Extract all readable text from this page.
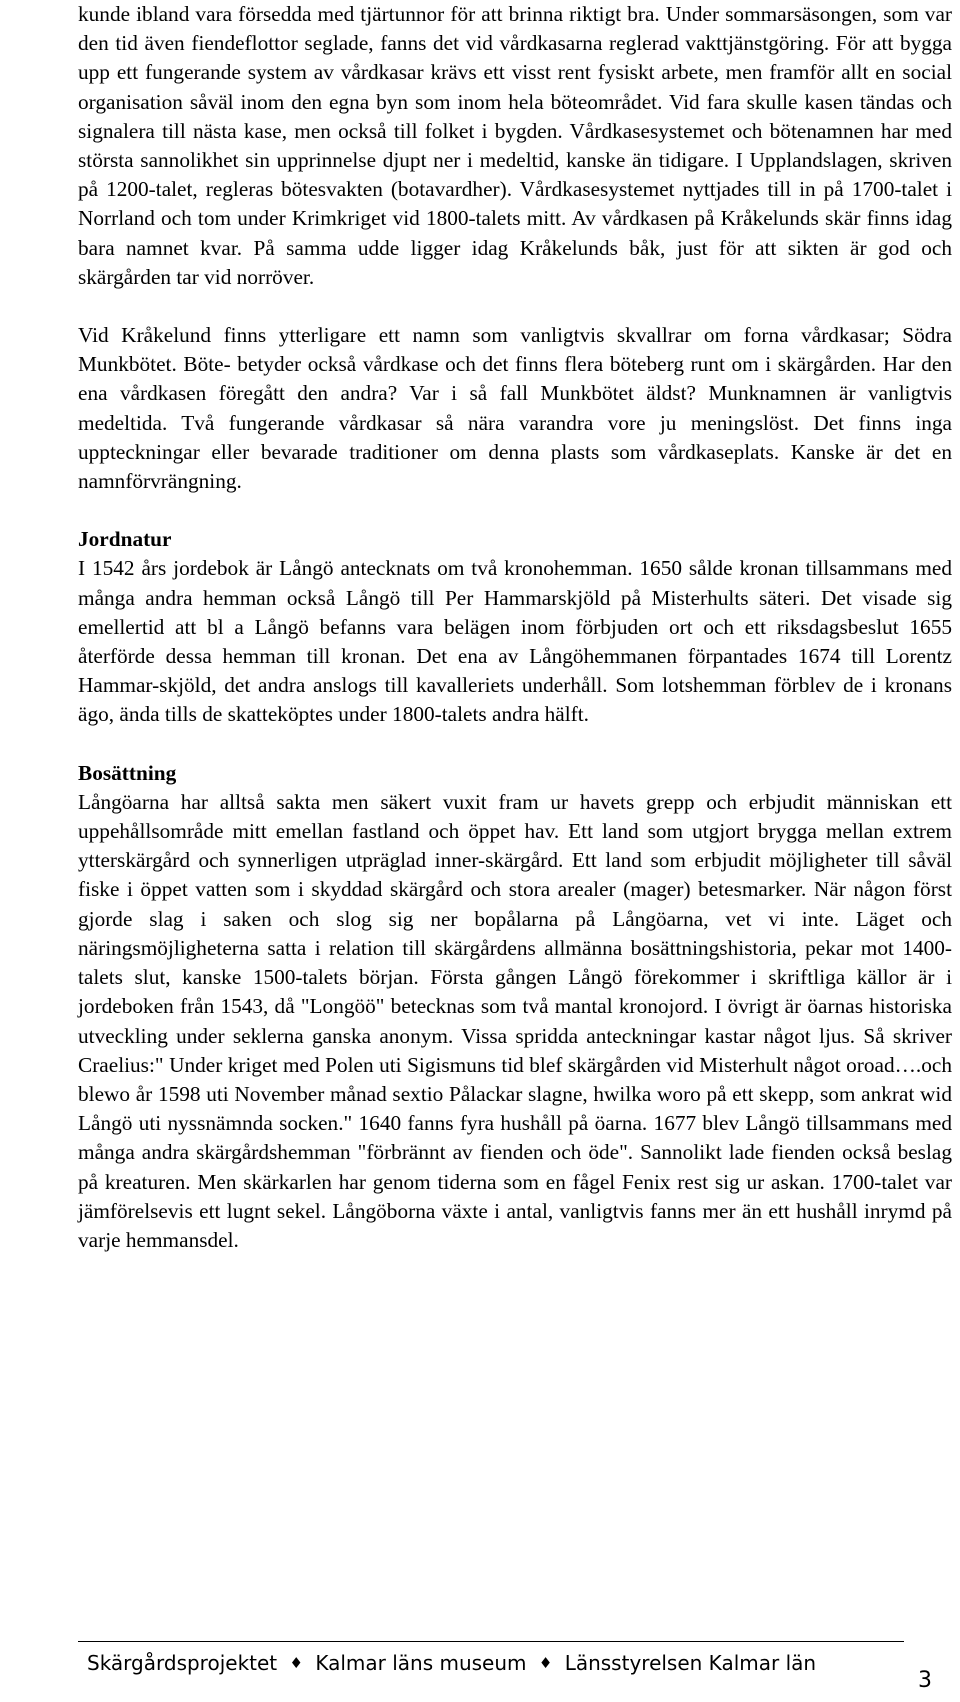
kunde ibland vara försedda med tjärtunnor för att brinna riktigt bra. Under sommarsäsongen, som var den tid även fiendeflottor seglade, fanns det vid vårdkasarna reglerad vakttjänstgöring. För att bygga upp ett fungerande system av vårdkasar krävs ett visst rent fysiskt arbete, men framför allt en social organisation såväl inom den egna byn som inom hela böteområdet. Vid fara skulle kasen tändas och signalera till nästa kase, men också till folket i bygden. Vårdkasesystemet och bötenamnen har med största sannolikhet sin upprinnelse djupt ner i medeltid, kanske än tidigare. I Upplandslagen, skriven på 1200-talet, regleras bötesvakten (botavardher). Vårdkasesystemet nyttjades till in på 1700-talet i Norrland och tom under Krimkriget vid 1800-talets mitt. Av vårdkasen på Kråkelunds skär finns idag bara namnet kvar. På samma udde ligger idag Kråkelunds båk, just för att sikten är god och skärgården tar vid norröver.

Vid Kråkelund finns ytterligare ett namn som vanligtvis skvallrar om forna vårdkasar; Södra Munkbötet. Böte- betyder också vårdkase och det finns flera böteberg runt om i skärgården. Har den ena vårdkasen föregått den andra? Var i så fall Munkbötet äldst? Munknamnen är vanligtvis medeltida. Två fungerande vårdkasar så nära varandra vore ju meningslöst. Det finns inga uppteckningar eller bevarade traditioner om denna plasts som vårdkaseplats. Kanske är det en namnförvrängning.

Jordnatur

I 1542 års jordebok är Långö antecknats om två kronohemman. 1650 sålde kronan tillsammans med många andra hemman också Långö till Per Hammarskjöld på Misterhults säteri. Det visade sig emellertid att bl a Långö befanns vara belägen inom förbjuden ort och ett riksdagsbeslut 1655 återförde dessa hemman till kronan. Det ena av Långöhemmanen förpantades 1674 till Lorentz Hammar-skjöld, det andra anslogs till kavalleriets underhåll. Som lotshemman förblev de i kronans ägo, ända tills de skatteköptes under 1800-talets andra hälft.

Bosättning

Långöarna har alltså sakta men säkert vuxit fram ur havets grepp och erbjudit människan ett uppehållsområde mitt emellan fastland och öppet hav. Ett land som utgjort brygga mellan extrem ytterskärgård och synnerligen utpräglad inner-skärgård. Ett land som erbjudit möjligheter till såväl fiske i öppet vatten som i skyddad skärgård och stora arealer (mager) betesmarker. När någon först gjorde slag i saken och slog sig ner bopålarna på Långöarna, vet vi inte. Läget och näringsmöjligheterna satta i relation till skärgårdens allmänna bosättningshistoria, pekar mot 1400-talets slut, kanske 1500-talets början. Första gången Långö förekommer i skriftliga källor är i jordeboken från 1543, då "Longöö" betecknas som två mantal kronojord. I övrigt är öarnas historiska utveckling under seklerna ganska anonym. Vissa spridda anteckningar kastar något ljus. Så skriver Craelius:" Under kriget med Polen uti Sigismuns tid blef skärgården vid Misterhult något oroad….och blewo år 1598 uti November månad sextio Pålackar slagne, hwilka woro på ett skepp, som ankrat wid Långö uti nyssnämnda socken." 1640 fanns fyra hushåll på öarna. 1677 blev Långö tillsammans med många andra skärgårdshemman "förbrännt av fienden och öde". Sannolikt lade fienden också beslag på kreaturen. Men skärkarlen har genom tiderna som en fågel Fenix rest sig ur askan. 1700-talet var jämförelsevis ett lugnt sekel. Långöborna växte i antal, vanligtvis fanns mer än ett hushåll inrymd på varje hemmansdel.

Skärgårdsprojektet ♦ Kalmar läns museum ♦ Länsstyrelsen Kalmar län
3
